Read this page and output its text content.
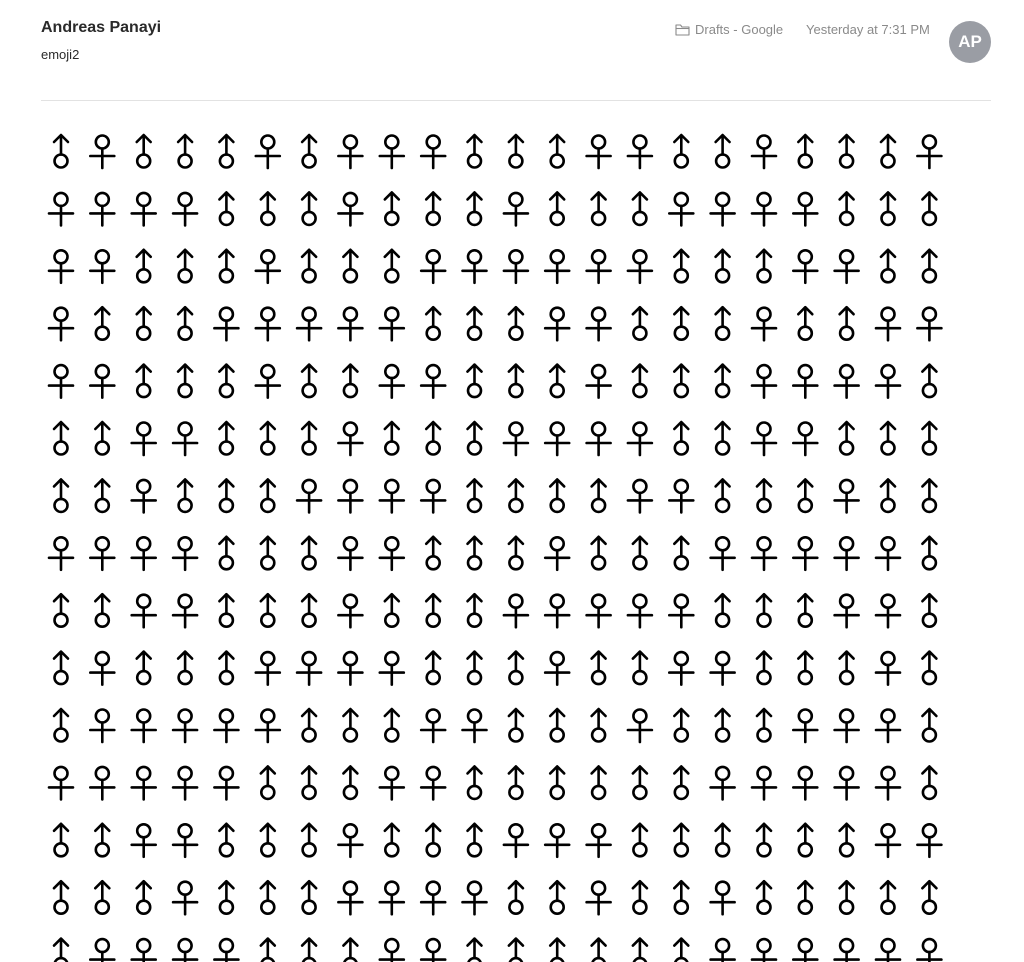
Andreas Panayi
emoji2
Drafts - Google Yesterday at 7:31 PM
AP
